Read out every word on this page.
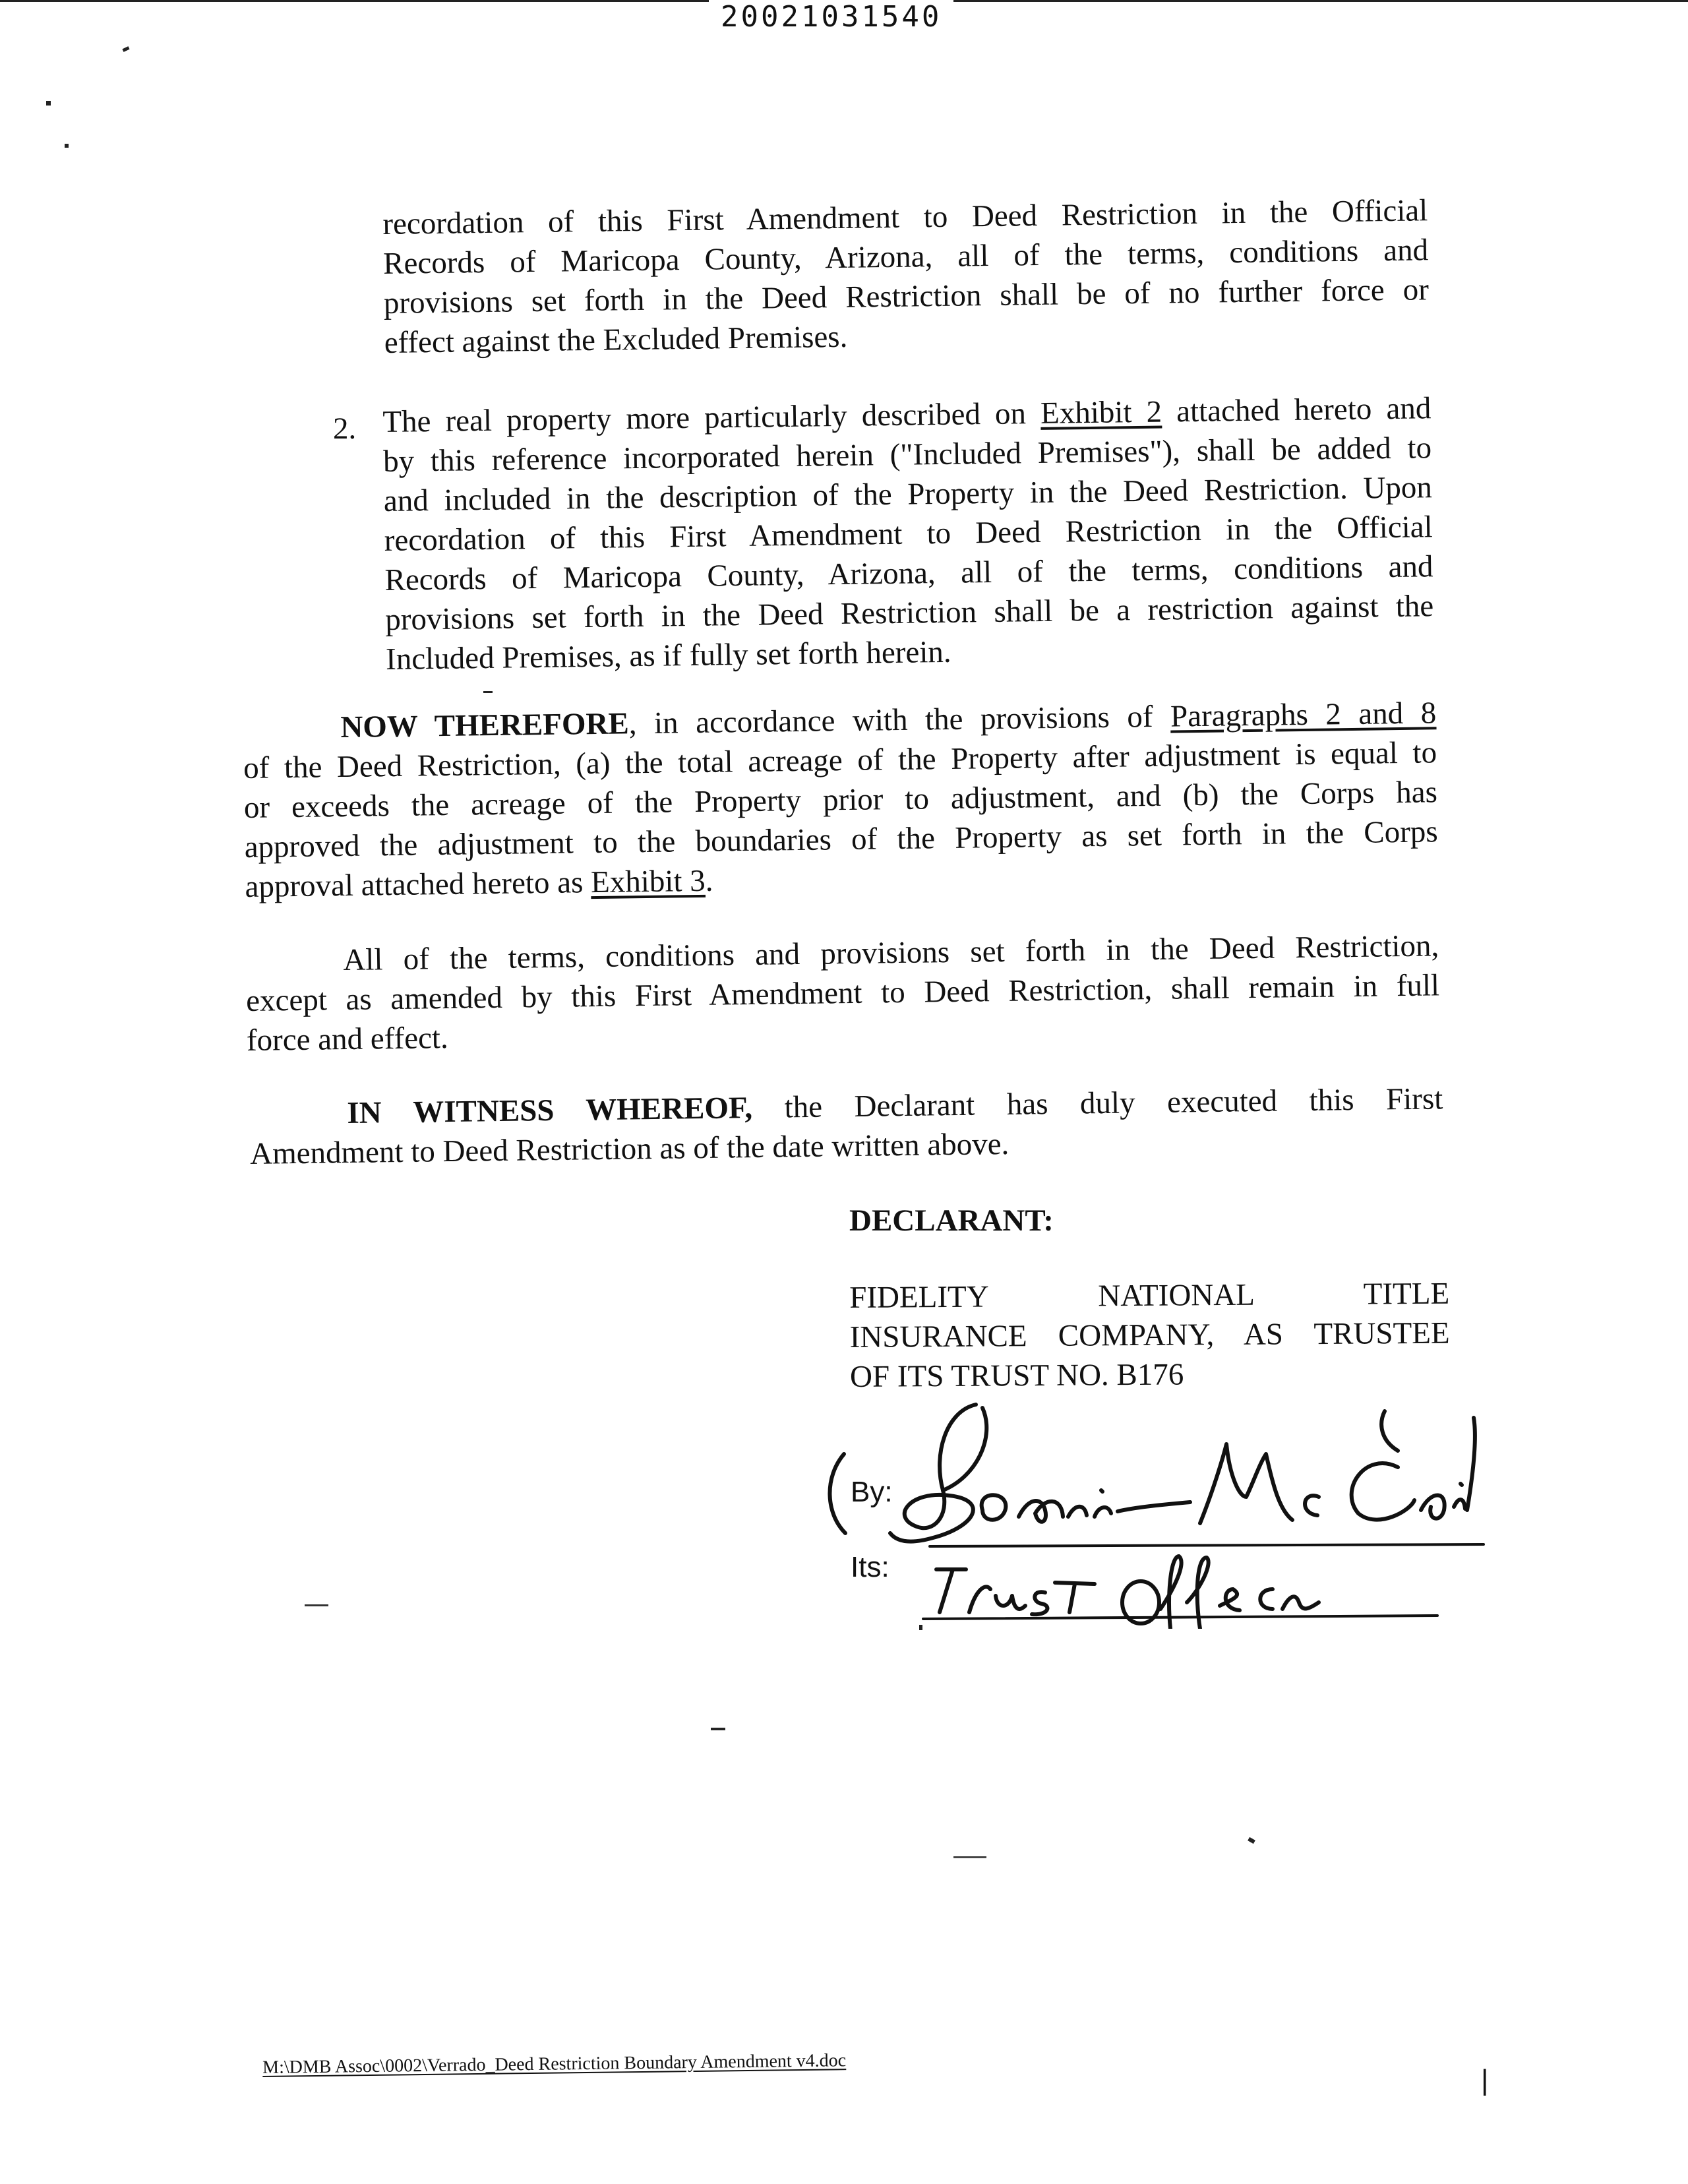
20021031540
recordation of this First Amendment to Deed Restriction in the Official
Records of Maricopa County, Arizona, all of the terms, conditions and
provisions set forth in the Deed Restriction shall be of no further force or
effect against the Excluded Premises.
2. The real property more particularly described on Exhibit 2 attached hereto and
by this reference incorporated herein ("Included Premises"), shall be added to
and included in the description of the Property in the Deed Restriction. Upon
recordation of this First Amendment to Deed Restriction in the Official
Records of Maricopa County, Arizona, all of the terms, conditions and
provisions set forth in the Deed Restriction shall be a restriction against the
Included Premises, as if fully set forth herein.
NOW THEREFORE, in accordance with the provisions of Paragraphs 2 and 8
of the Deed Restriction, (a) the total acreage of the Property after adjustment is equal to
or exceeds the acreage of the Property prior to adjustment, and (b) the Corps has
approved the adjustment to the boundaries of the Property as set forth in the Corps
approval attached hereto as Exhibit 3.
All of the terms, conditions and provisions set forth in the Deed Restriction,
except as amended by this First Amendment to Deed Restriction, shall remain in full
force and effect.
IN WITNESS WHEREOF, the Declarant has duly executed this First
Amendment to Deed Restriction as of the date written above.
DECLARANT:
FIDELITY      NATIONAL      TITLE
INSURANCE COMPANY, AS TRUSTEE
OF ITS TRUST NO. B176
By:
Its:
M:\DMB Assoc\0002\Verrado_Deed Restriction Boundary Amendment v4.doc	|
